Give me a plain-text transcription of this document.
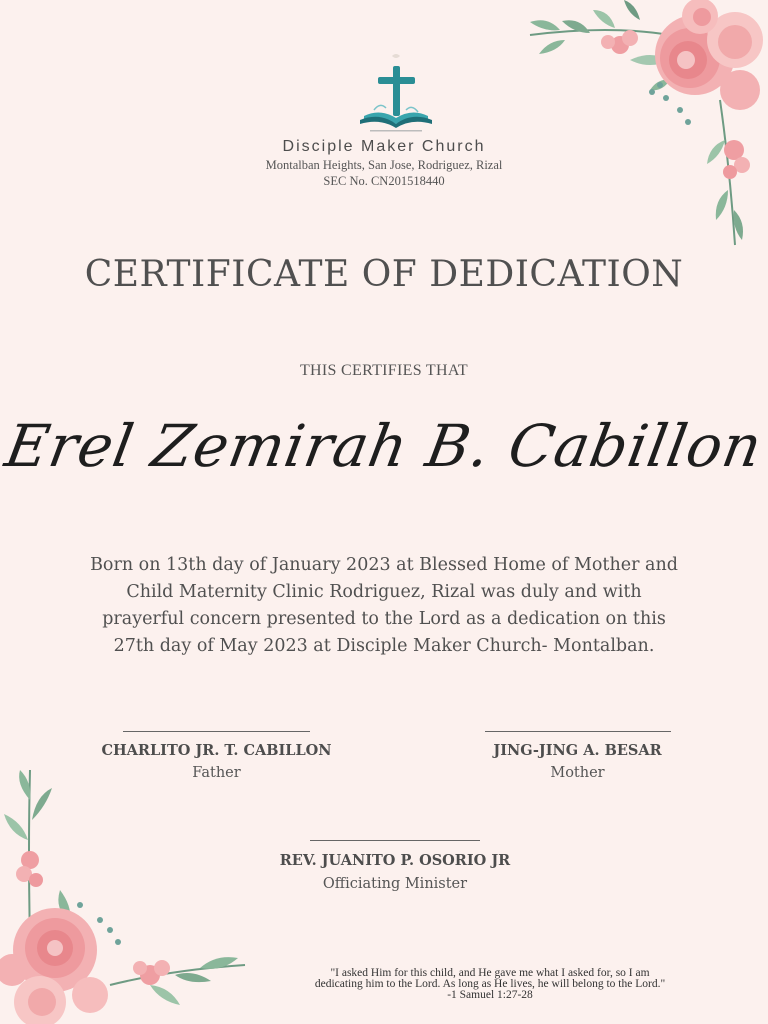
Disciple Maker Church
Montalban Heights, San Jose, Rodriguez, Rizal
SEC No. CN201518440
CERTIFICATE OF DEDICATION
THIS CERTIFIES THAT
Erel Zemirah B. Cabillon
Born on 13th day of January 2023 at Blessed Home of Mother and Child Maternity Clinic Rodriguez, Rizal was duly and with prayerful concern presented to the Lord as a dedication on this 27th day of May 2023 at Disciple Maker Church- Montalban.
CHARLITO JR. T. CABILLON
Father
JING-JING A. BESAR
Mother
REV. JUANITO P. OSORIO JR
Officiating Minister
"I asked Him for this child, and He gave me what I asked for, so I am
dedicating him to the Lord. As long as He lives, he will belong to the Lord."
-1 Samuel 1:27-28
